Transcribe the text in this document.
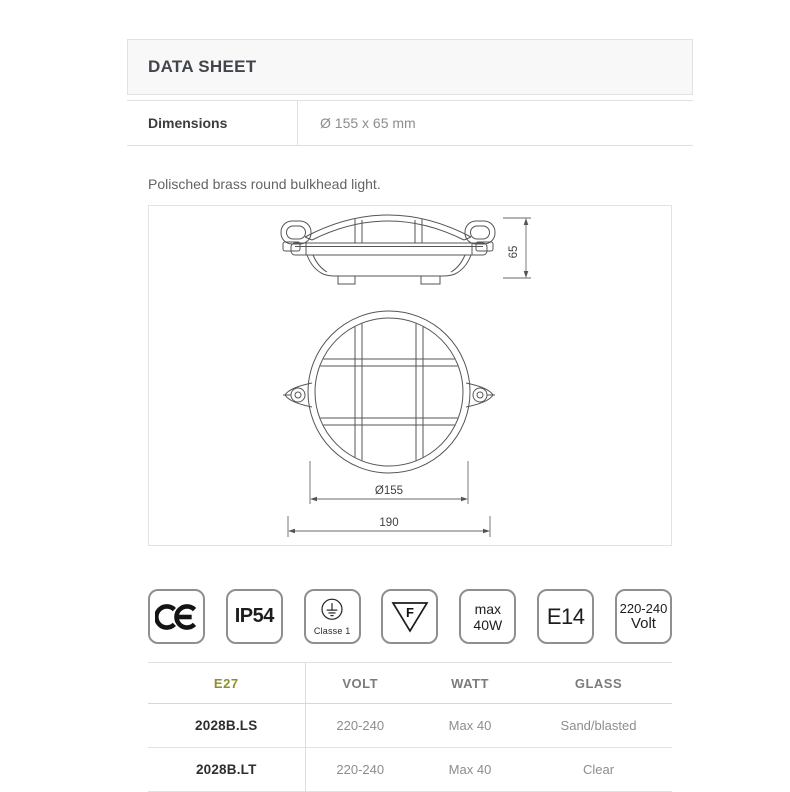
DATA SHEET
Dimensions	Ø 155 x 65 mm

Polisched brass round bulkhead light.

65
Ø155
190
IP54
Classe 1
F	max
40W E14	220-240
Volt
E27	VOLT	WATT	GLASS
2028B.LS	220-240	Max 40	Sand/blasted
2028B.LT	220-240	Max 40	Clear
